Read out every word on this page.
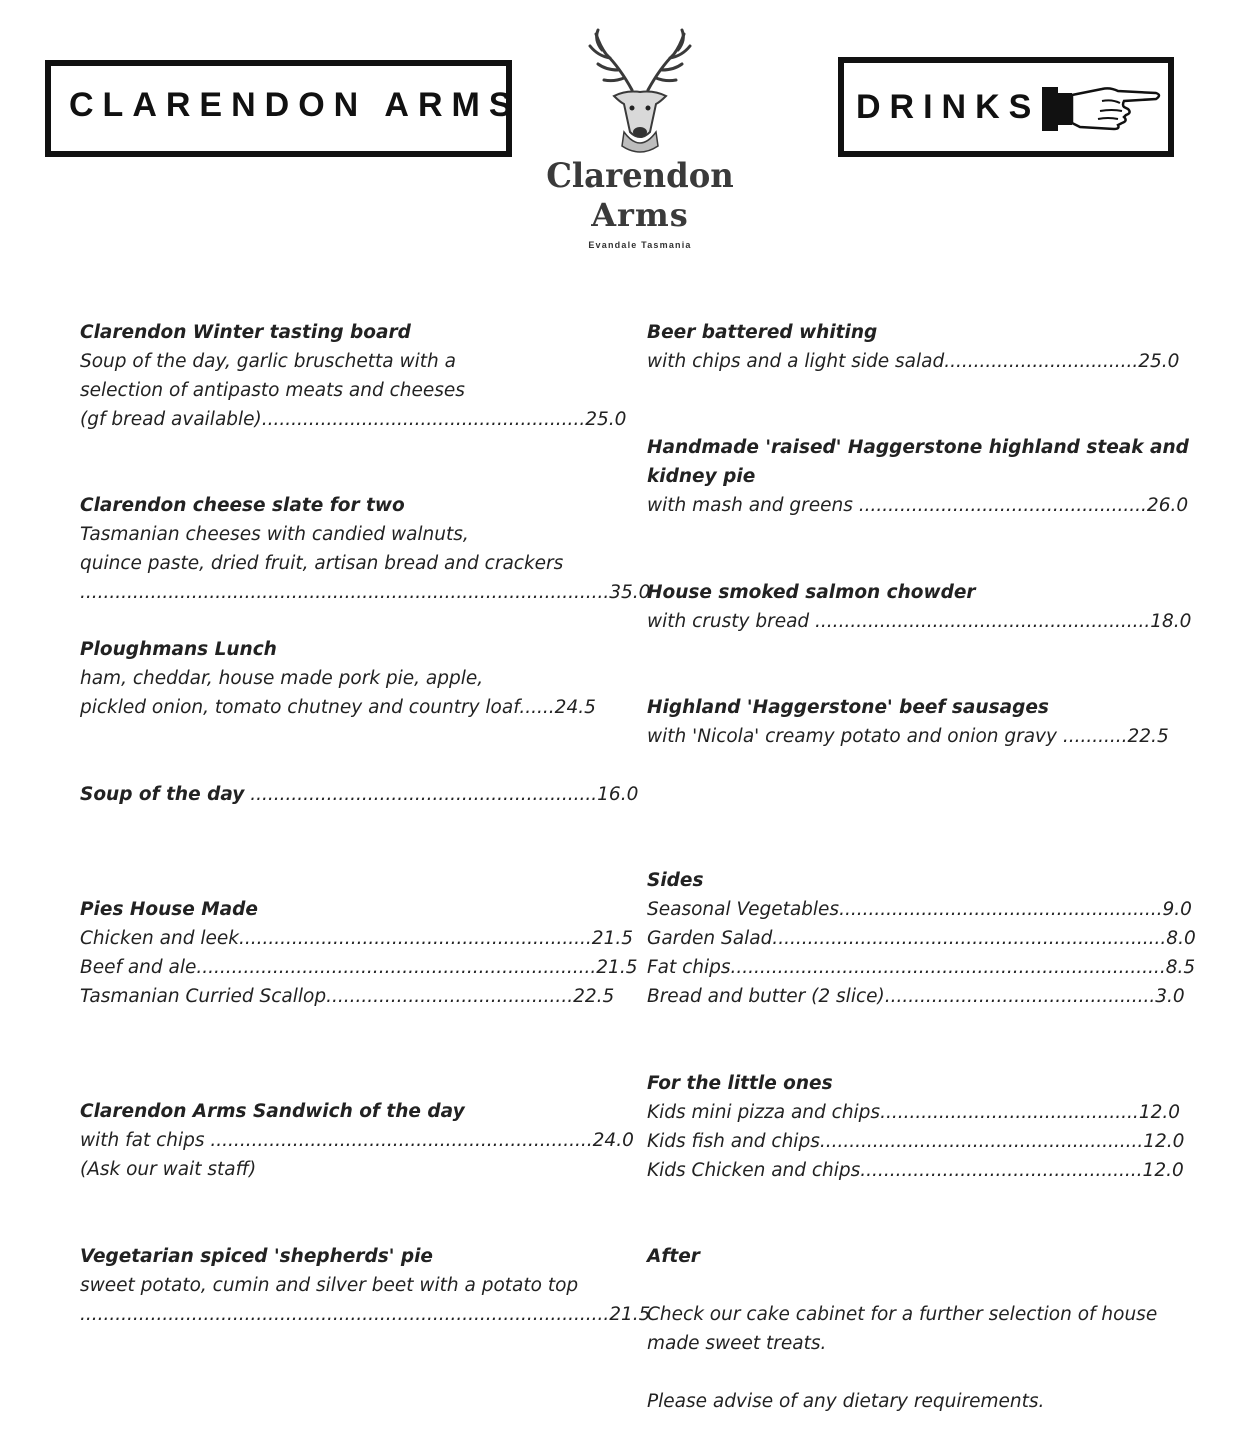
CLARENDON ARMS	DRINKS
Clarendon
Arms
Evandale Tasmania
Clarendon Winter tasting board
Soup of the day, garlic bruschetta with a
selection of antipasto meats and cheeses
(gf bread available).......................................................25.0
Clarendon cheese slate for two
Tasmanian cheeses with candied walnuts,
quince paste, dried fruit, artisan bread and crackers
..........................................................................................35.0
Ploughmans Lunch
ham, cheddar, house made pork pie, apple,
pickled onion, tomato chutney and country loaf......24.5
Soup of the day ...........................................................16.0
Pies House Made
Chicken and leek............................................................21.5
Beef and ale....................................................................21.5
Tasmanian Curried Scallop..........................................22.5
Clarendon Arms Sandwich of the day
with fat chips .................................................................24.0
(Ask our wait staff)
Vegetarian spiced 'shepherds' pie
sweet potato, cumin and silver beet with a potato top
..........................................................................................21.5
Beer battered whiting
with chips and a light side salad.................................25.0
Handmade 'raised' Haggerstone highland steak and
kidney pie
with mash and greens .................................................26.0
House smoked salmon chowder
with crusty bread .........................................................18.0
Highland 'Haggerstone' beef sausages
with 'Nicola' creamy potato and onion gravy ...........22.5
Sides
Seasonal Vegetables.......................................................9.0
Garden Salad...................................................................8.0
Fat chips..........................................................................8.5
Bread and butter (2 slice)..............................................3.0
For the little ones
Kids mini pizza and chips............................................12.0
Kids fish and chips.......................................................12.0
Kids Chicken and chips................................................12.0
After
Check our cake cabinet for a further selection of house
made sweet treats.
Please advise of any dietary requirements.
